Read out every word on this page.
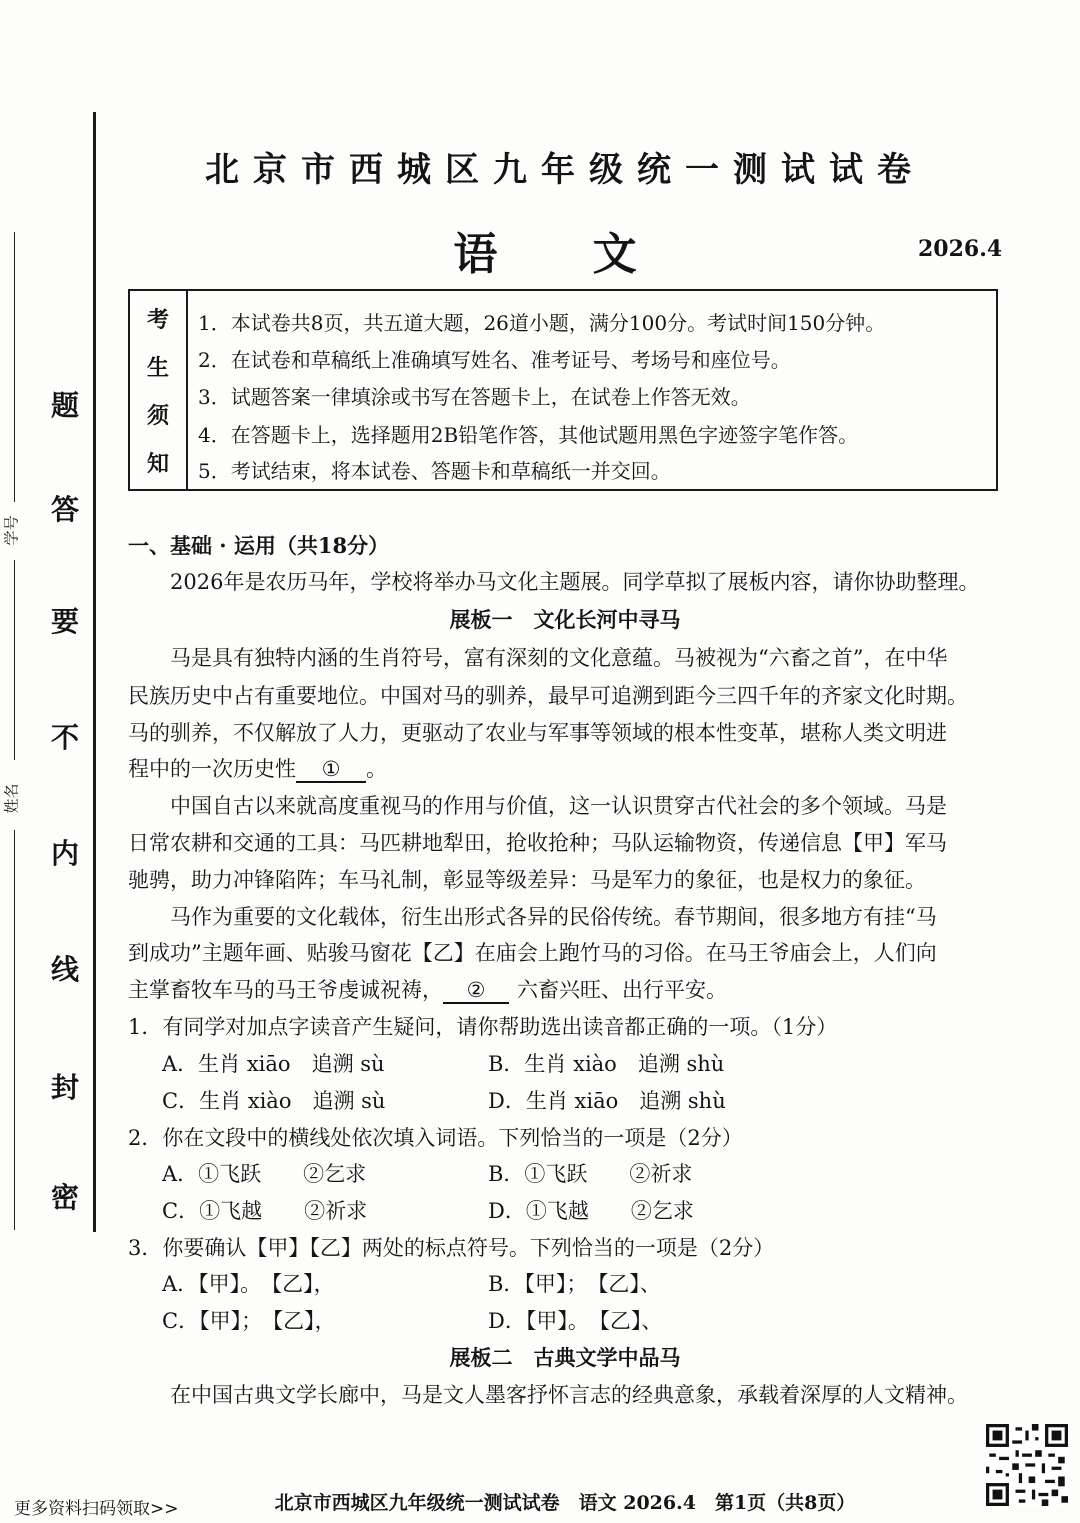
题
答
要
不
内
线
封
密
学号
姓名
北京市西城区九年级统一测试试卷
语 文	2026.4
考
生
须
知
1．本试卷共8页，共五道大题，26道小题，满分100分。考试时间150分钟。
2．在试卷和草稿纸上准确填写姓名、准考证号、考场号和座位号。
3．试题答案一律填涂或书写在答题卡上，在试卷上作答无效。
4．在答题卡上，选择题用2B铅笔作答，其他试题用黑色字迹签字笔作答。
5．考试结束，将本试卷、答题卡和草稿纸一并交回。
一、基础 · 运用（共18分）
2026年是农历马年，学校将举办马文化主题展。同学草拟了展板内容，请你协助整理。
展板一　文化长河中寻马
马是具有独特内涵的生肖符号，富有深刻的文化意蕴。马被视为“六畜之首”，在中华
民族历史中占有重要地位。中国对马的驯养，最早可追溯到距今三四千年的齐家文化时期。
马的驯养，不仅解放了人力，更驱动了农业与军事等领域的根本性变革，堪称人类文明进
程中的一次历史性 ① 。
中国自古以来就高度重视马的作用与价值，这一认识贯穿古代社会的多个领域。马是
日常农耕和交通的工具：马匹耕地犁田，抢收抢种；马队运输物资，传递信息【甲】军马
驰骋，助力冲锋陷阵；车马礼制，彰显等级差异：马是军力的象征，也是权力的象征。
马作为重要的文化载体，衍生出形式各异的民俗传统。春节期间，很多地方有挂“马
到成功”主题年画、贴骏马窗花【乙】在庙会上跑竹马的习俗。在马王爷庙会上，人们向
主掌畜牧车马的马王爷虔诚祝祷， ② 六畜兴旺、出行平安。
1．有同学对加点字读音产生疑问，请你帮助选出读音都正确的一项。（1分）
A．生肖 xiāo　追溯 sù	B．生肖 xiào　追溯 shù
C．生肖 xiào　追溯 sù	D．生肖 xiāo　追溯 shù
2．你在文段中的横线处依次填入词语。下列恰当的一项是（2分）
A．①飞跃　　②乞求	B．①飞跃　　②祈求
C．①飞越　　②祈求	D．①飞越　　②乞求
3．你要确认【甲】【乙】两处的标点符号。下列恰当的一项是（2分）
A．【甲】。　【乙】，	B．【甲】；　【乙】、
C．【甲】；　【乙】，	D．【甲】。　【乙】、
展板二　古典文学中品马
在中国古典文学长廊中，马是文人墨客抒怀言志的经典意象，承载着深厚的人文精神。
更多资料扫码领取>>	北京市西城区九年级统一测试试卷　语文 2026.4　第1页（共8页）
